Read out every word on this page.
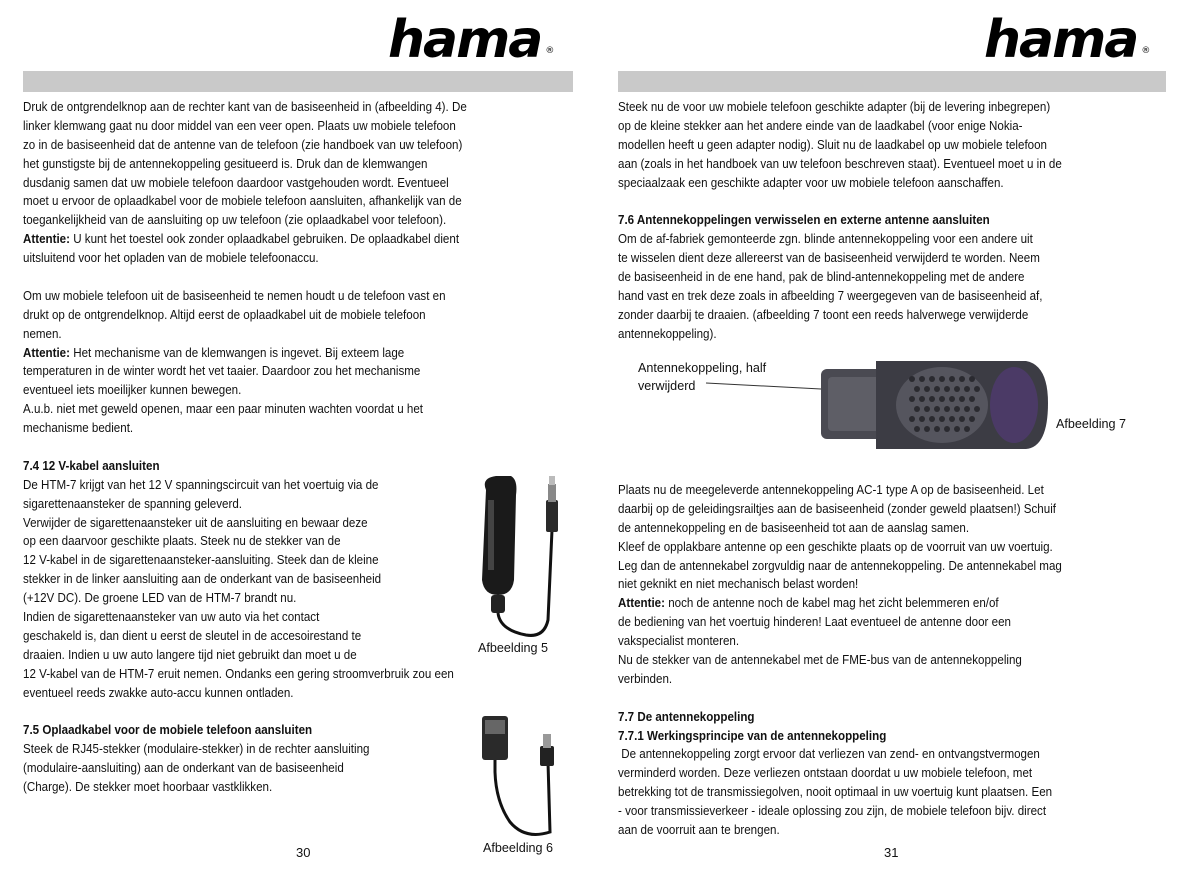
hama ®
Druk de ontgrendelknop aan de rechter kant van de basiseenheid in (afbeelding 4). De
linker klemwang gaat nu door middel van een veer open. Plaats uw mobiele telefoon
zo in de basiseenheid dat de antenne van de telefoon (zie handboek van uw telefoon)
het gunstigste bij de antennekoppeling gesitueerd is. Druk dan de klemwangen
dusdanig samen dat uw mobiele telefoon daardoor vastgehouden wordt. Eventueel
moet u ervoor de oplaadkabel voor de mobiele telefoon aansluiten, afhankelijk van de
toegankelijkheid van de aansluiting op uw telefoon (zie oplaadkabel voor telefoon).
Attentie: U kunt het toestel ook zonder oplaadkabel gebruiken. De oplaadkabel dient
uitsluitend voor het opladen van de mobiele telefoonaccu.
Om uw mobiele telefoon uit de basiseenheid te nemen houdt u de telefoon vast en
drukt op de ontgrendelknop. Altijd eerst de oplaadkabel uit de mobiele telefoon
nemen.
Attentie: Het mechanisme van de klemwangen is ingevet. Bij exteem lage
temperaturen in de winter wordt het vet taaier. Daardoor zou het mechanisme
eventueel iets moeilijker kunnen bewegen.
A.u.b. niet met geweld openen, maar een paar minuten wachten voordat u het
mechanisme bedient.
7.4 12 V-kabel aansluiten
De HTM-7 krijgt van het 12 V spanningscircuit van het voertuig via de
sigarettenaansteker de spanning geleverd.
Verwijder de sigarettenaansteker uit de aansluiting en bewaar deze
op een daarvoor geschikte plaats. Steek nu de stekker van de
12 V-kabel in de sigarettenaansteker-aansluiting. Steek dan de kleine
stekker in de linker aansluiting aan de onderkant van de basiseenheid
(+12V DC). De groene LED van de HTM-7 brandt nu.
Indien de sigarettenaansteker van uw auto via het contact
geschakeld is, dan dient u eerst de sleutel in de accesoirestand te
draaien. Indien u uw auto langere tijd niet gebruikt dan moet u de
12 V-kabel van de HTM-7 eruit nemen. Ondanks een gering stroomverbruik zou een
eventueel reeds zwakke auto-accu kunnen ontladen.
7.5 Oplaadkabel voor de mobiele telefoon aansluiten
Steek de RJ45-stekker (modulaire-stekker) in de rechter aansluiting
(modulaire-aansluiting) aan de onderkant van de basiseenheid
(Charge). De stekker moet hoorbaar vastklikken.
Afbeelding 5
Afbeelding 6
30
hama ®
Steek nu de voor uw mobiele telefoon geschikte adapter (bij de levering inbegrepen)
op de kleine stekker aan het andere einde van de laadkabel (voor enige Nokia-
modellen heeft u geen adapter nodig). Sluit nu de laadkabel op uw mobiele telefoon
aan (zoals in het handboek van uw telefoon beschreven staat). Eventueel moet u in de
speciaalzaak een geschikte adapter voor uw mobiele telefoon aanschaffen.
7.6 Antennekoppelingen verwisselen en externe antenne aansluiten
Om de af-fabriek gemonteerde zgn. blinde antennekoppeling voor een andere uit
te wisselen dient deze allereerst van de basiseenheid verwijderd te worden. Neem
de basiseenheid in de ene hand, pak de blind-antennekoppeling met de andere
hand vast en trek deze zoals in afbeelding 7 weergegeven van de basiseenheid af,
zonder daarbij te draaien. (afbeelding 7 toont een reeds halverwege verwijderde
antennekoppeling).
Antennekoppeling, half
verwijderd
Afbeelding 7
Plaats nu de meegeleverde antennekoppeling AC-1 type A op de basiseenheid. Let
daarbij op de geleidingsrailtjes aan de basiseenheid (zonder geweld plaatsen!) Schuif
de antennekoppeling en de basiseenheid tot aan de aanslag samen.
Kleef de opplakbare antenne op een geschikte plaats op de voorruit van uw voertuig.
Leg dan de antennekabel zorgvuldig naar de antennekoppeling. De antennekabel mag
niet geknikt en niet mechanisch belast worden!
Attentie: noch de antenne noch de kabel mag het zicht belemmeren en/of
de bediening van het voertuig hinderen! Laat eventueel de antenne door een
vakspecialist monteren.
Nu de stekker van de antennekabel met de FME-bus van de antennekoppeling
verbinden.
7.7 De antennekoppeling
7.7.1 Werkingsprincipe van de antennekoppeling
De antennekoppeling zorgt ervoor dat verliezen van zend- en ontvangstvermogen
verminderd worden. Deze verliezen ontstaan doordat u uw mobiele telefoon, met
betrekking tot de transmissiegolven, nooit optimaal in uw voertuig kunt plaatsen. Een
- voor transmissieverkeer - ideale oplossing zou zijn, de mobiele telefoon bijv. direct
aan de voorruit aan te brengen.
31
